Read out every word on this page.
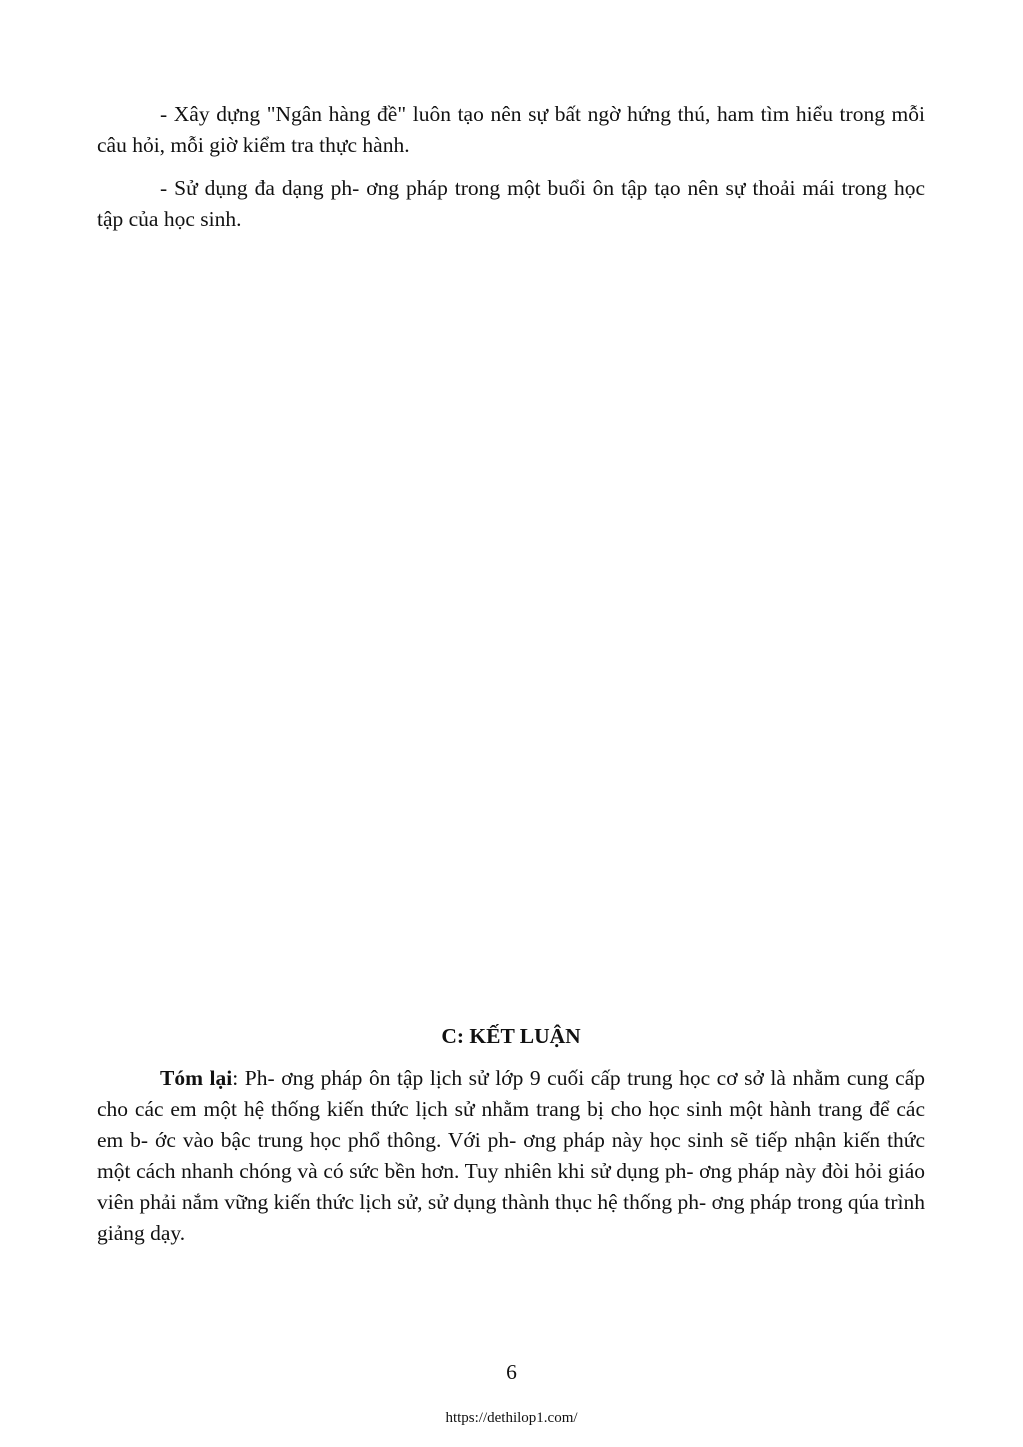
- Xây dựng "Ngân hàng đề" luôn tạo nên sự bất ngờ hứng thú, ham tìm hiểu trong mỗi câu hỏi, mỗi giờ kiểm tra thực hành.

- Sử dụng đa dạng ph- ơng pháp trong một buổi ôn tập tạo nên sự thoải mái trong học tập của học sinh.

C: KẾT LUẬN

Tóm lại: Ph- ơng pháp ôn tập lịch sử lớp 9 cuối cấp trung học cơ sở là nhằm cung cấp cho các em một hệ thống kiến thức lịch sử nhằm trang bị cho học sinh một hành trang để các em b- ớc vào bậc trung học phổ thông. Với ph- ơng pháp này học sinh sẽ tiếp nhận kiến thức một cách nhanh chóng và có sức bền hơn. Tuy nhiên khi sử dụng ph- ơng pháp này đòi hỏi giáo viên phải nắm vững kiến thức lịch sử, sử dụng thành thục hệ thống ph- ơng pháp trong qúa trình giảng dạy.

6
https://dethilop1.com/
